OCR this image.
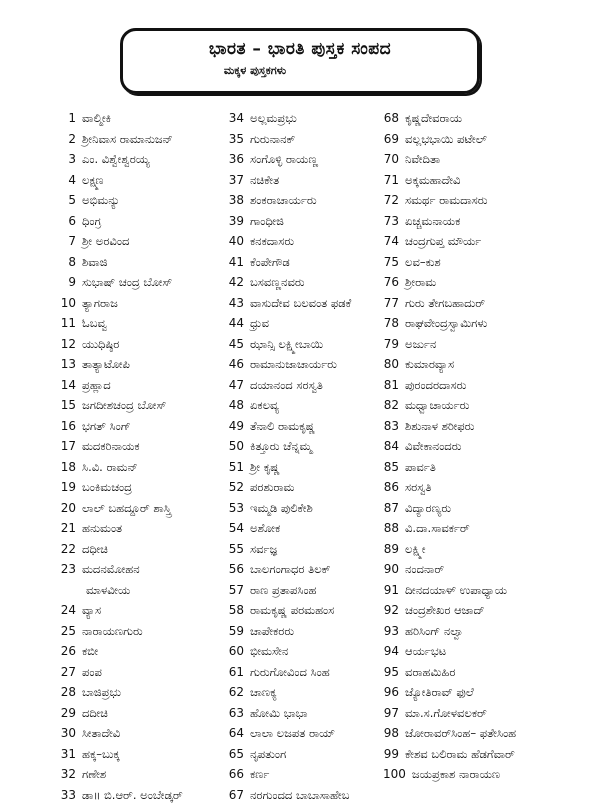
ಭಾರತ – ಭಾರತಿ ಪುಸ್ತಕ ಸಂಪದ
ಮಕ್ಕಳ ಪುಸ್ತಕಗಳು
1 ವಾಲ್ಮೀಕಿ
2 ಶ್ರೀನಿವಾಸ ರಾಮಾನುಜನ್
3 ಎಂ. ವಿಶ್ವೇಶ್ವರಯ್ಯ
4 ಲಕ್ಷ್ಮಣ
5 ಅಭಿಮನ್ಯು
6 ಧಿಂಗ್ರ
7 ಶ್ರೀ ಅರವಿಂದ
8 ಶಿವಾಜಿ
9 ಸುಭಾಷ್ ಚಂದ್ರ ಬೋಸ್
10 ತ್ಯಾಗರಾಜ
11 ಓಬವ್ವ
12 ಯುಧಿಷ್ಠಿರ
13 ತಾತ್ಯಾಟೋಪಿ
14 ಪ್ರಹ್ಲಾದ
15 ಜಗದೀಶಚಂದ್ರ ಬೋಸ್
16 ಭಗತ್ ಸಿಂಗ್
17 ಮದಕರಿನಾಯಕ
18 ಸಿ.ವಿ. ರಾಮನ್
19 ಬಂಕಿಮಚಂದ್ರ
20 ಲಾಲ್ ಬಹದ್ದೂರ್ ಶಾಸ್ತ್ರಿ
21 ಹನುಮಂತ
22 ದಧೀಚಿ
23 ಮದನಮೋಹನ
ಮಾಳವೀಯ
24 ವ್ಯಾಸ
25 ನಾರಾಯಣಗುರು
26 ಕಬೀ
27 ಪಂಪ
28 ಬಾಜಿಪ್ರಭು
29 ದದೀಚಿ
30 ಸೀತಾದೇವಿ
31 ಹಕ್ಕ–ಬುಕ್ಕ
32 ಗಣೇಶ
33 ಡಾ॥ ಬಿ.ಆರ್. ಅಂಬೇಡ್ಕರ್
34 ಅಲ್ಲಮಪ್ರಭು
35 ಗುರುನಾನಕ್
36 ಸಂಗೊಳ್ಳಿ ರಾಯಣ್ಣ
37 ನಚಿಕೇತ
38 ಶಂಕರಾಚಾರ್ಯರು
39 ಗಾಂಧೀಜಿ
40 ಕನಕದಾಸರು
41 ಕೆಂಪೇಗೌಡ
42 ಬಸವಣ್ಣನವರು
43 ವಾಸುದೇವ ಬಲವಂತ ಫಡಕೆ
44 ಧ್ರುವ
45 ಝಾನ್ಸಿ ಲಕ್ಷ್ಮೀಬಾಯಿ
46 ರಾಮಾನುಜಾಚಾರ್ಯರು
47 ದಯಾನಂದ ಸರಸ್ವತಿ
48 ಏಕಲವ್ಯ
49 ತೆನಾಲಿ ರಾಮಕೃಷ್ಣ
50 ಕಿತ್ತೂರು ಚೆನ್ನಮ್ಮ
51 ಶ್ರೀ ಕೃಷ್ಣ
52 ಪರಶುರಾಮ
53 ಇಮ್ಮಡಿ ಪುಲಿಕೇಶಿ
54 ಅಶೋಕ
55 ಸರ್ವಜ್ಞ
56 ಬಾಲಗಂಗಾಧರ ತಿಲಕ್
57 ರಾಣ ಪ್ರತಾಪಸಿಂಹ
58 ರಾಮಕೃಷ್ಣ ಪರಮಹಂಸ
59 ಚಾಪೇಕರರು
60 ಭೀಮಸೇನ
61 ಗುರುಗೋವಿಂದ ಸಿಂಹ
62 ಚಾಣಕ್ಯ
63 ಹೋಮಿ ಭಾಭಾ
64 ಲಾಲಾ ಲಜಪತ ರಾಯ್
65 ನೃಪತುಂಗ
66 ಕರ್ಣ
67 ನರಗುಂದದ ಬಾಬಾಸಾಹೇಬ
68 ಕೃಷ್ಣದೇವರಾಯ
69 ವಲ್ಲಭಭಾಯಿ ಪಟೇಲ್
70 ನಿವೇದಿತಾ
71 ಅಕ್ಕಮಹಾದೇವಿ
72 ಸಮರ್ಥ ರಾಮದಾಸರು
73 ಏಚ್ಚಮನಾಯಕ
74 ಚಂದ್ರಗುಪ್ತ ಮೌರ್ಯ
75 ಲವ–ಕುಶ
76 ಶ್ರೀರಾಮ
77 ಗುರು ತೇಗಬಹಾದುರ್
78 ರಾಘವೇಂದ್ರಸ್ವಾಮಿಗಳು
79 ಅರ್ಜುನ
80 ಕುಮಾರವ್ಯಾಸ
81 ಪುರಂದರದಾಸರು
82 ಮಧ್ವಾಚಾರ್ಯರು
83 ಶಿಶುನಾಳ ಶರೀಫರು
84 ವಿವೇಕಾನಂದರು
85 ಪಾರ್ವತಿ
86 ಸರಸ್ವತಿ
87 ವಿದ್ಯಾರಣ್ಯರು
88 ವಿ.ದಾ.ಸಾವರ್ಕರ್
89 ಲಕ್ಷ್ಮೀ
90 ನಂದನಾರ್
91 ದೀನದಯಾಳ್ ಉಪಾಧ್ಯಾಯ
92 ಚಂದ್ರಶೇಖರ ಆಜಾದ್
93 ಹರಿಸಿಂಗ್ ನಲ್ವಾ
94 ಆರ್ಯಭಟ
95 ವರಾಹಮಿಹಿರ
96 ಜ್ಯೋತಿರಾವ್ ಫುಲೆ
97 ಮಾ.ಸ.ಗೋಳವಲಕರ್
98 ಜೋರಾವರ್‌ಸಿಂಹ– ಫತೇಸಿಂಹ
99 ಕೇಶವ ಬಲಿರಾಮ ಹೆಡಗೆವಾರ್
100 ಜಯಪ್ರಕಾಶ ನಾರಾಯಣ
